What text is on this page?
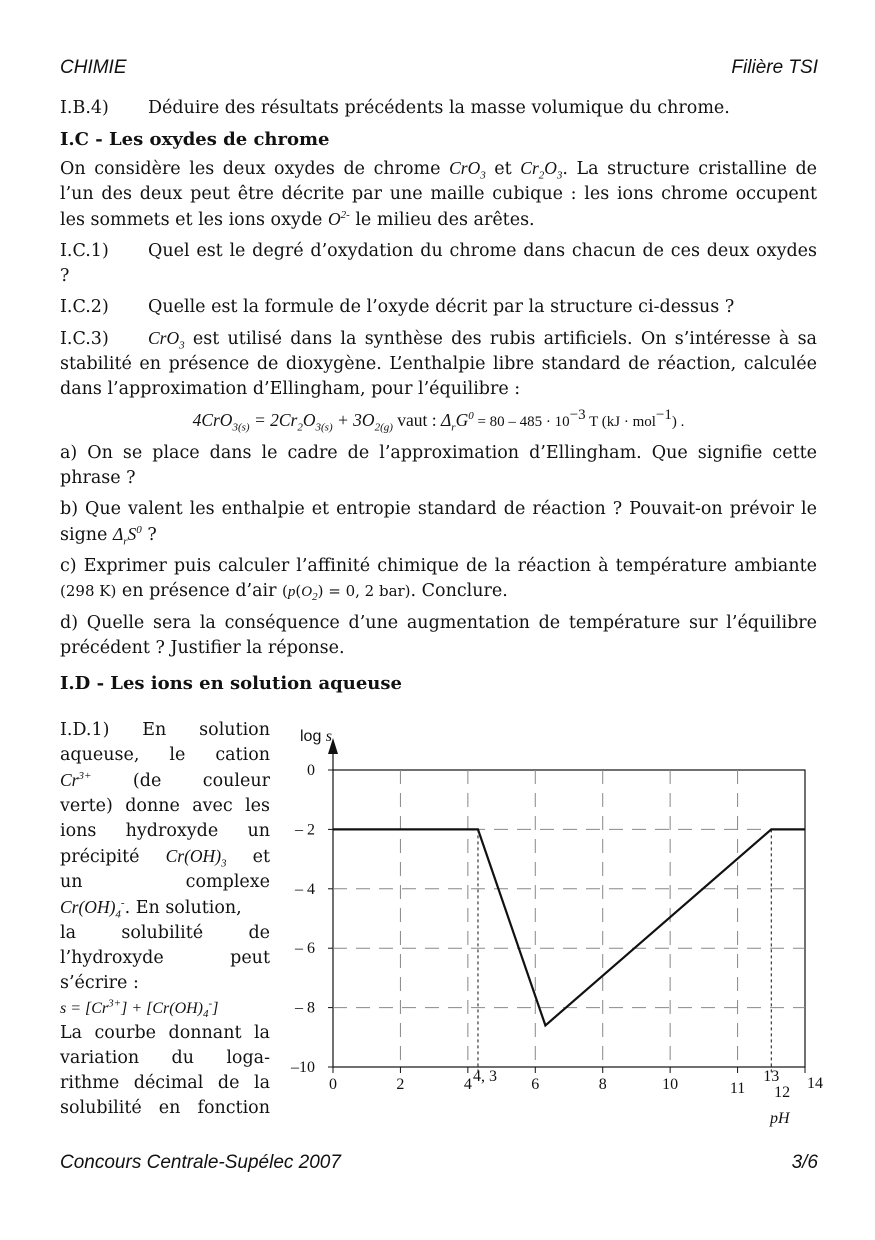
CHIMIE	Filière TSI

I.B.4) Déduire des résultats précédents la masse volumique du chrome.

I.C - Les oxydes de chrome

On considère les deux oxydes de chrome CrO$_3$ et $Cr_2O_3$. La structure cristalline de l’un des deux peut être décrite par une maille cubique : les ions chrome occupent les sommets et les ions oxyde $O^{2-}$ le milieu des arêtes.

I.C.1) Quel est le degré d’oxydation du chrome dans chacun de ces deux oxydes ?

I.C.2) Quelle est la formule de l’oxyde décrit par la structure ci-dessus ?

I.C.3) CrO$_3$ est utilisé dans la synthèse des rubis artificiels. On s’intéresse à sa stabilité en présence de dioxygène. L’enthalpie libre standard de réaction, calculée dans l’approximation d’Ellingham, pour l’équilibre :

$4CrO_{3(s)} = 2Cr_2O_{3(s)} + 3O_{2(g)}$ vaut : $\Delta_rG^0 = 80 - 485 \cdot 10^{-3}$ T (kJ · mol$^{-1}$) .

a) On se place dans le cadre de l’approximation d’Ellingham. Que signifie cette phrase ?

b) Que valent les enthalpie et entropie standard de réaction ? Pouvait-on prévoir le signe $\Delta_rS^0$ ?

c) Exprimer puis calculer l’affinité chimique de la réaction à température ambiante (298 K) en présence d’air ($p(O_2) = 0$, 2 bar). Conclure.

d) Quelle sera la conséquence d’une augmentation de température sur l’équilibre précédent ? Justifier la réponse.

I.D - Les ions en solution aqueuse
I.D.1) En solution
aqueuse, le cation
$Cr^{3+}$ (de couleur
verte) donne avec les
ions hydroxyde un
précipité $Cr(OH)_3$ et
un complexe
$Cr(OH)_4^-$. En solution,
la solubilité de
l’hydroxyde peut
s’écrire :
$s = [Cr^{3+}] + [Cr(OH)_4^-]$
La courbe donnant la
variation du loga-
rithme décimal de la
solubilité en fonction
log s
0
– 2
– 4
– 6
– 8
–10
0	2	4	6	8	10	11 12
14
pH
4, 3	13
Concours Centrale-Supélec 2007	3/6
